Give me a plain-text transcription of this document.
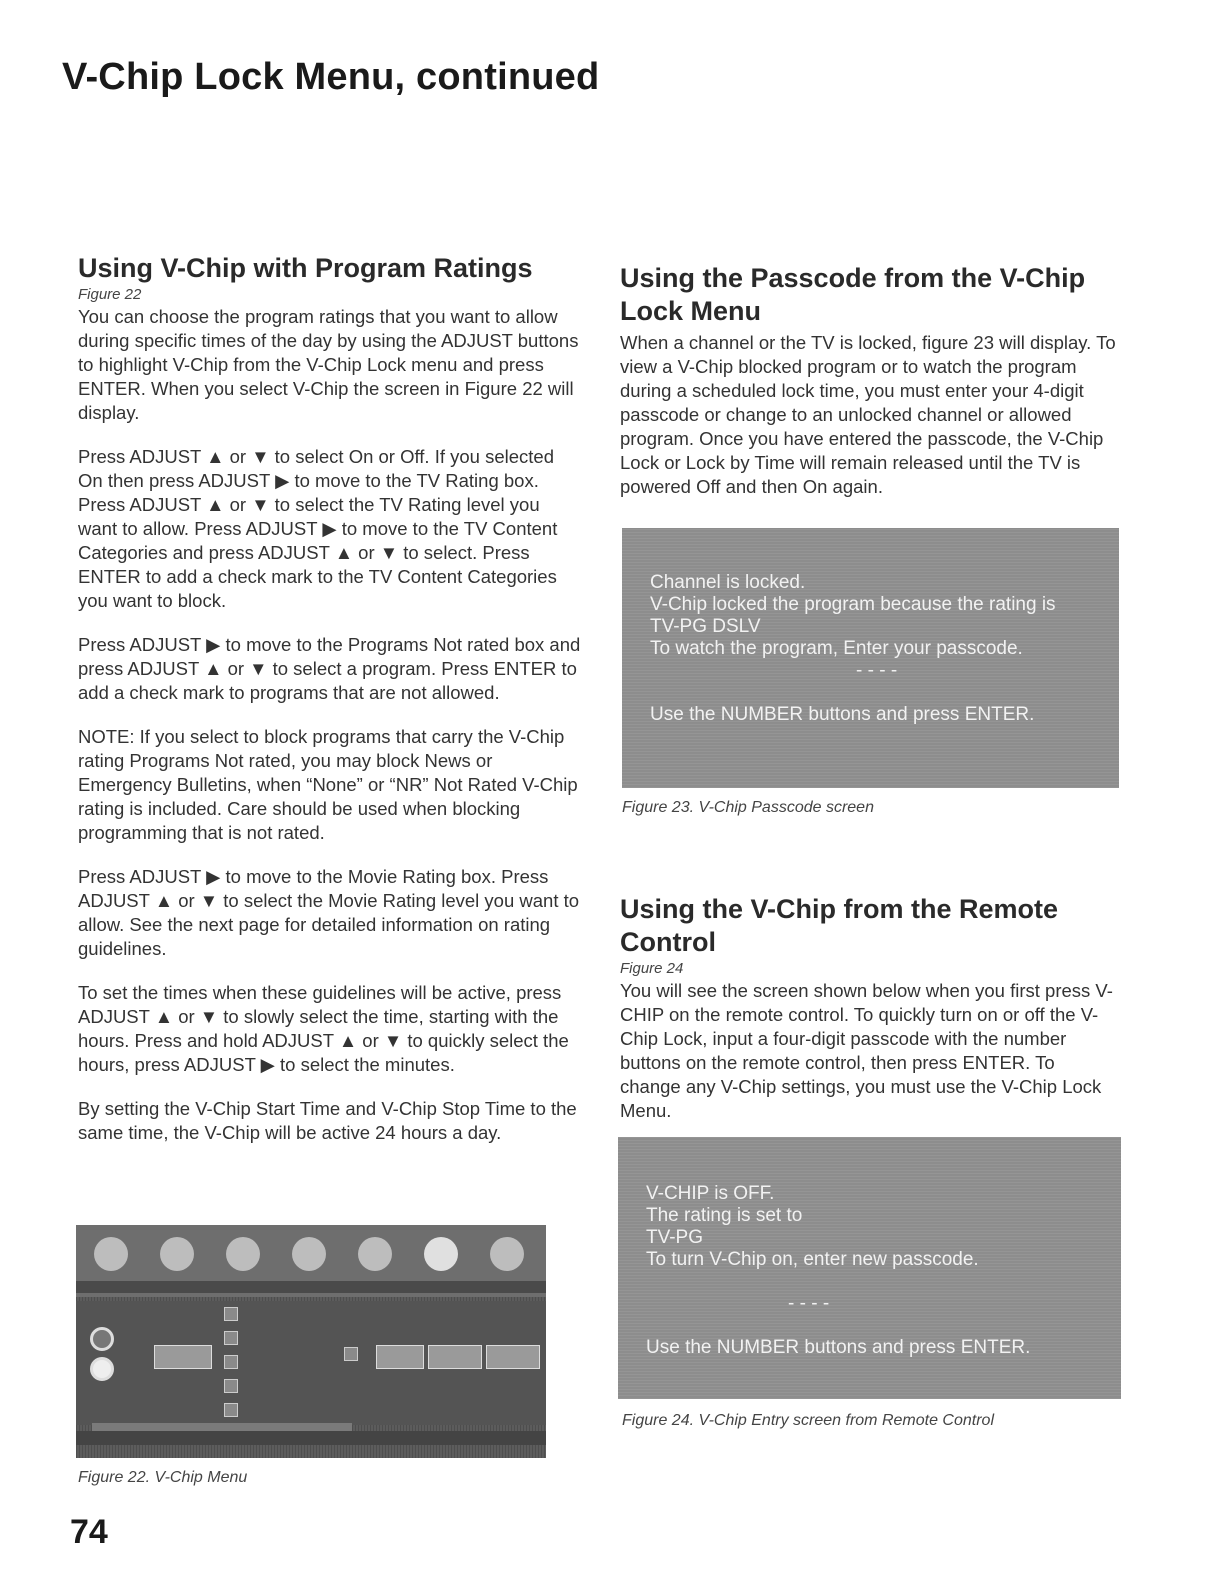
V-Chip Lock Menu, continued
Using V-Chip with Program Ratings
Figure 22

You can choose the program ratings that you want to allow during specific times of the day by using the ADJUST buttons to highlight V-Chip from the V-Chip Lock menu and press ENTER. When you select V-Chip the screen in Figure 22 will display.

Press ADJUST ▲ or ▼ to select On or Off. If you selected On then press ADJUST ▶ to move to the TV Rating box. Press ADJUST ▲ or ▼ to select the TV Rating level you want to allow. Press ADJUST ▶ to move to the TV Content Categories and press ADJUST ▲ or ▼ to select. Press ENTER to add a check mark to the TV Content Categories you want to block.

Press ADJUST ▶ to move to the Programs Not rated box and press ADJUST ▲ or ▼ to select a program. Press ENTER to add a check mark to programs that are not allowed.

NOTE: If you select to block programs that carry the V-Chip rating Programs Not rated, you may block News or Emergency Bulletins, when “None” or “NR” Not Rated V-Chip rating is included. Care should be used when blocking programming that is not rated.

Press ADJUST ▶ to move to the Movie Rating box. Press ADJUST ▲ or ▼ to select the Movie Rating level you want to allow. See the next page for detailed information on rating guidelines.

To set the times when these guidelines will be active, press ADJUST ▲ or ▼ to slowly select the time, starting with the hours. Press and hold ADJUST ▲ or ▼ to quickly select the hours, press ADJUST ▶ to select the minutes.

By setting the V-Chip Start Time and V-Chip Stop Time to the same time, the V-Chip will be active 24 hours a day.

Figure 22. V-Chip Menu
Using the Passcode from the V-Chip Lock Menu

When a channel or the TV is locked, figure 23 will display. To view a V-Chip blocked program or to watch the program during a scheduled lock time, you must enter your 4-digit passcode or change to an unlocked channel or allowed program. Once you have entered the passcode, the V-Chip Lock or Lock by Time will remain released until the TV is powered Off and then On again.

Channel is locked.
V-Chip locked the program because the rating is
TV-PG DSLV
To watch the program, Enter your passcode.
- - - -
Use the NUMBER buttons and press ENTER.
Figure 23. V-Chip Passcode screen
Using the V-Chip from the Remote Control
Figure 24

You will see the screen shown below when you first press V-CHIP on the remote control. To quickly turn on or off the V-Chip Lock, input a four-digit passcode with the number buttons on the remote control, then press ENTER. To change any V-Chip settings, you must use the V-Chip Lock Menu.

V-CHIP is OFF.
The rating is set to
TV-PG
To turn V-Chip on, enter new passcode.
- - - -
Use the NUMBER buttons and press ENTER.
Figure 24. V-Chip Entry screen from Remote Control
74
